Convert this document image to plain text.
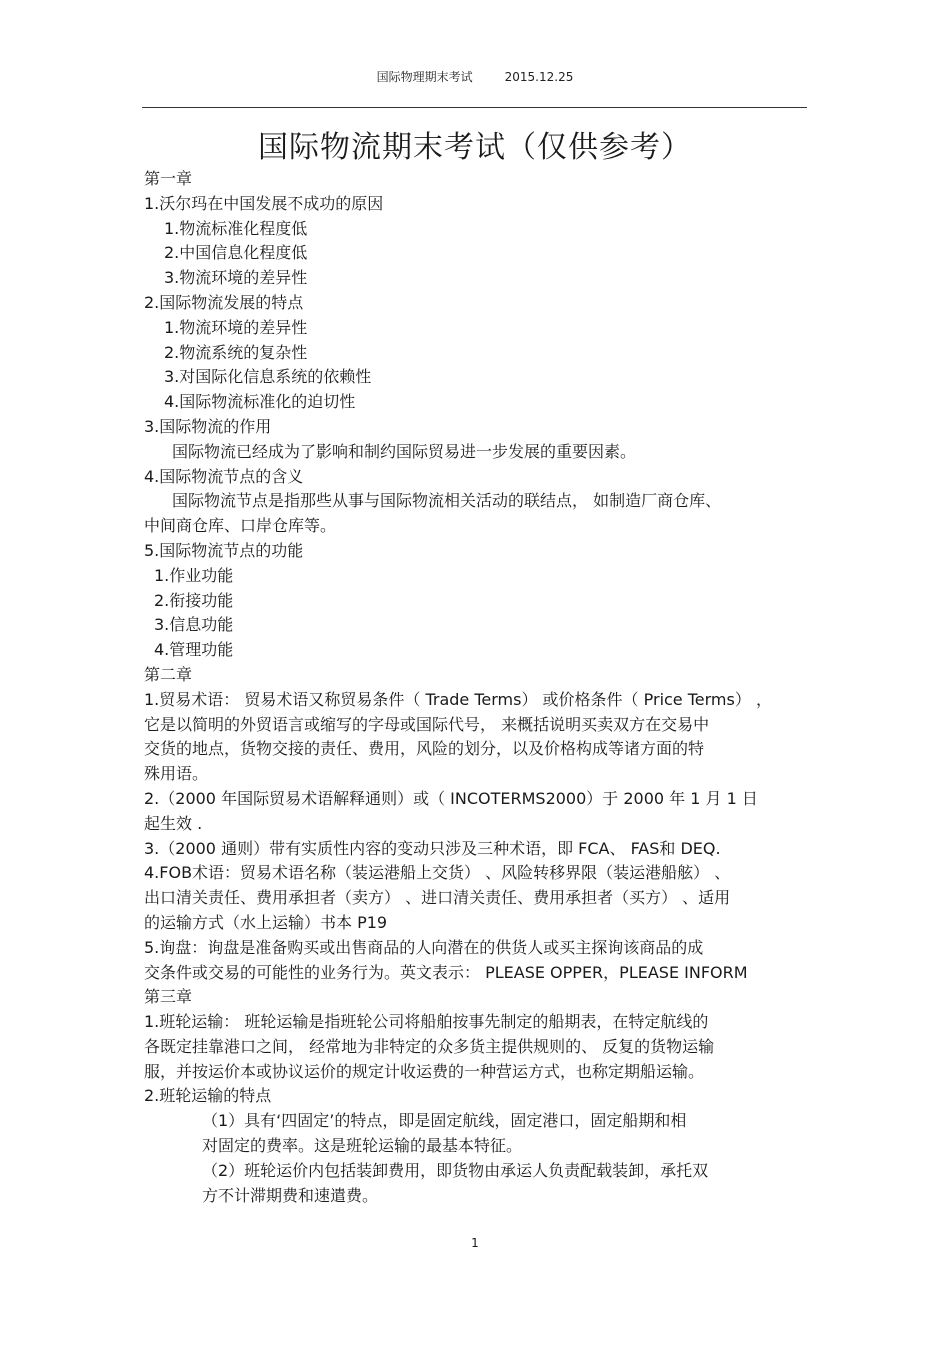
国际物理期末考试	2015.12.25
国际物流期末考试（仅供参考）
第一章
1.沃尔玛在中国发展不成功的原因
1.物流标准化程度低
2.中国信息化程度低
3.物流环境的差异性
2.国际物流发展的特点
1.物流环境的差异性
2.物流系统的复杂性
3.对国际化信息系统的依赖性
4.国际物流标准化的迫切性
3.国际物流的作用
国际物流已经成为了影响和制约国际贸易进一步发展的重要因素。
4.国际物流节点的含义
国际物流节点是指那些从事与国际物流相关活动的联结点， 如制造厂商仓库、
中间商仓库、口岸仓库等。
5.国际物流节点的功能
1.作业功能
2.衔接功能
3.信息功能
4.管理功能
第二章
1.贸易术语： 贸易术语又称贸易条件（ Trade Terms） 或价格条件（ Price Terms） ，
它是以简明的外贸语言或缩写的字母或国际代号， 来概括说明买卖双方在交易中
交货的地点，货物交接的责任、费用，风险的划分，以及价格构成等诸方面的特
殊用语。
2.（2000 年国际贸易术语解释通则）或（ INCOTERMS2000）于 2000 年 1 月 1 日
起生效 .
3.（2000 通则）带有实质性内容的变动只涉及三种术语，即 FCA、 FAS和 DEQ.
4.FOB术语：贸易术语名称（装运港船上交货） 、风险转移界限（装运港船舷） 、
出口清关责任、费用承担者（卖方） 、进口清关责任、费用承担者（买方） 、适用
的运输方式（水上运输）书本 P19
5.询盘：询盘是准备购买或出售商品的人向潜在的供货人或买主探询该商品的成
交条件或交易的可能性的业务行为。英文表示： PLEASE OPPER，PLEASE INFORM
第三章
1.班轮运输： 班轮运输是指班轮公司将船舶按事先制定的船期表，在特定航线的
各既定挂靠港口之间， 经常地为非特定的众多货主提供规则的、 反复的货物运输
服，并按运价本或协议运价的规定计收运费的一种营运方式，也称定期船运输。
2.班轮运输的特点
（1）具有‘四固定’的特点，即是固定航线，固定港口，固定船期和相
对固定的费率。这是班轮运输的最基本特征。
（2）班轮运价内包括装卸费用，即货物由承运人负责配载装卸，承托双
方不计滞期费和速遣费。
1
